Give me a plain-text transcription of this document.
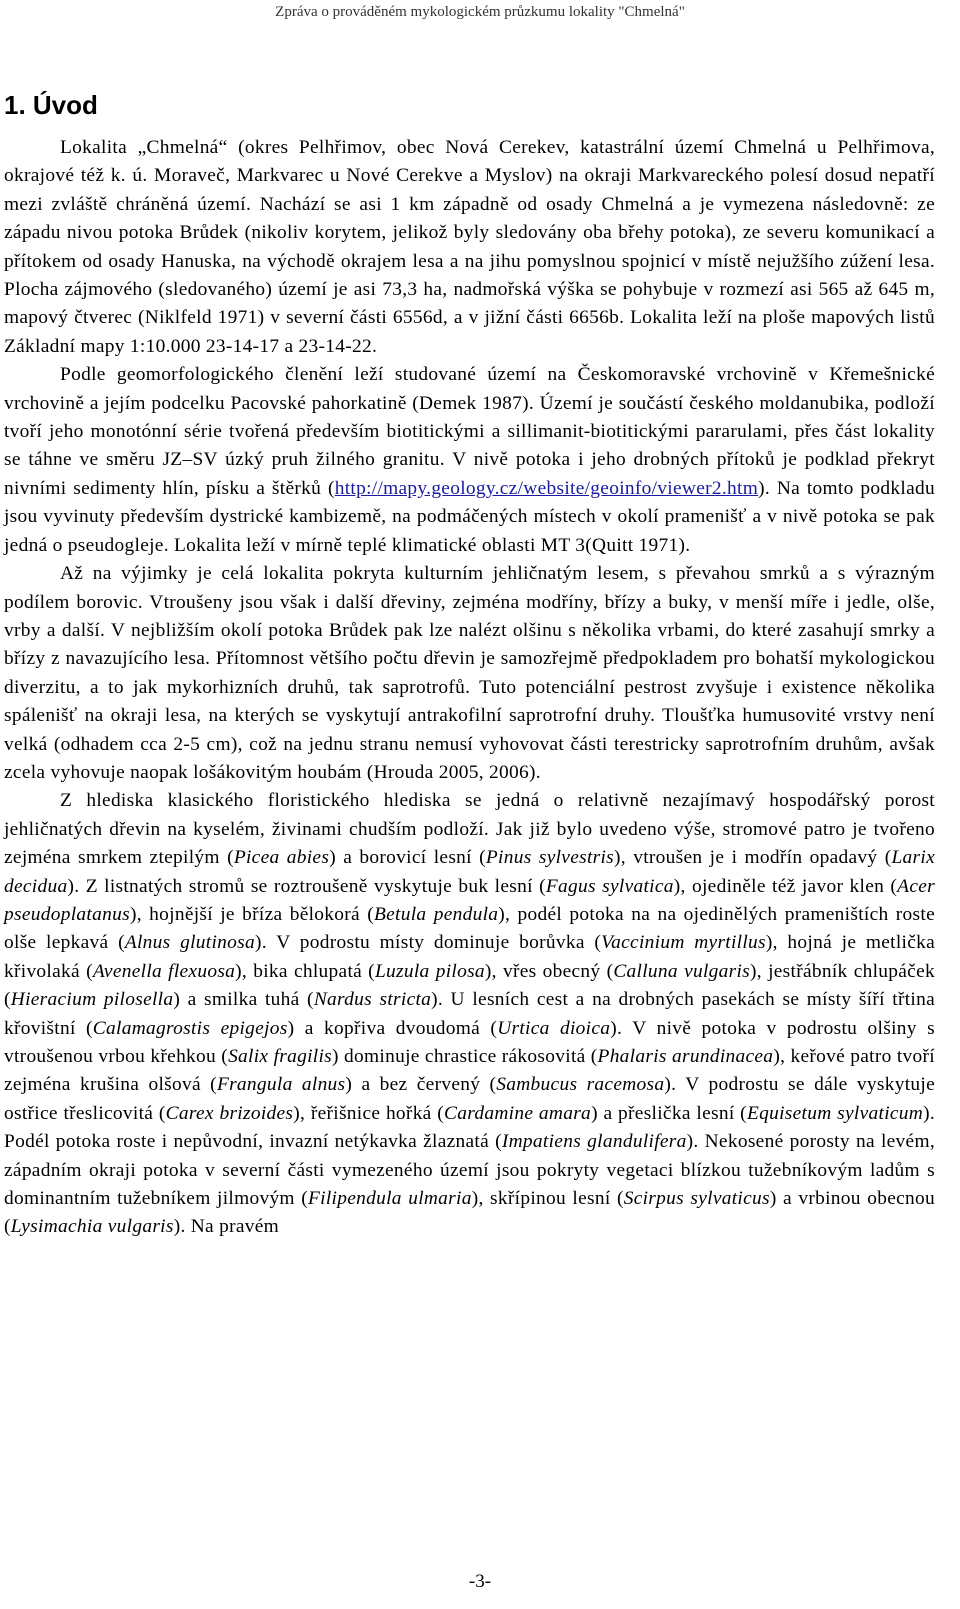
Zpráva o prováděném mykologickém průzkumu lokality "Chmelná"
1. Úvod

Lokalita „Chmelná“ (okres Pelhřimov, obec Nová Cerekev, katastrální území Chmelná u Pelhřimova, okrajové též k. ú. Moraveč, Markvarec u Nové Cerekve a Myslov) na okraji Markvareckého polesí dosud nepatří mezi zvláště chráněná území. Nachází se asi 1 km západně od osady Chmelná a je vymezena následovně: ze západu nivou potoka Brůdek (nikoliv korytem, jelikož byly sledovány oba břehy potoka), ze severu komunikací a přítokem od osady Hanuska, na východě okrajem lesa a na jihu pomyslnou spojnicí v místě nejužšího zúžení lesa. Plocha zájmového (sledovaného) území je asi 73,3 ha, nadmořská výška se pohybuje v rozmezí asi 565 až 645 m, mapový čtverec (Niklfeld 1971) v severní části 6556d, a v jižní části 6656b. Lokalita leží na ploše mapových listů Základní mapy 1:10.000 23-14-17 a 23-14-22.

Podle geomorfologického členění leží studované území na Českomoravské vrchovině v Křemešnické vrchovině a jejím podcelku Pacovské pahorkatině (Demek 1987). Území je součástí českého moldanubika, podloží tvoří jeho monotónní série tvořená především biotitickými a sillimanit-biotitickými pararulami, přes část lokality se táhne ve směru JZ–SV úzký pruh žilného granitu. V nivě potoka i jeho drobných přítoků je podklad překryt nivními sedimenty hlín, písku a štěrků (http://mapy.geology.cz/website/geoinfo/viewer2.htm). Na tomto podkladu jsou vyvinuty především dystrické kambizemě, na podmáčených místech v okolí pramenišť a v nivě potoka se pak jedná o pseudogleje. Lokalita leží v mírně teplé klimatické oblasti MT 3(Quitt 1971).

Až na výjimky je celá lokalita pokryta kulturním jehličnatým lesem, s převahou smrků a s výrazným podílem borovic. Vtroušeny jsou však i další dřeviny, zejména modříny, břízy a buky, v menší míře i jedle, olše, vrby a další. V nejbližším okolí potoka Brůdek pak lze nalézt olšinu s několika vrbami, do které zasahují smrky a břízy z navazujícího lesa. Přítomnost většího počtu dřevin je samozřejmě předpokladem pro bohatší mykologickou diverzitu, a to jak mykorhizních druhů, tak saprotrofů. Tuto potenciální pestrost zvyšuje i existence několika spálenišť na okraji lesa, na kterých se vyskytují antrakofilní saprotrofní druhy. Tloušťka humusovité vrstvy není velká (odhadem cca 2-5 cm), což na jednu stranu nemusí vyhovovat části terestricky saprotrofním druhům, avšak zcela vyhovuje naopak lošákovitým houbám (Hrouda 2005, 2006).

Z hlediska klasického floristického hlediska se jedná o relativně nezajímavý hospodářský porost jehličnatých dřevin na kyselém, živinami chudším podloží. Jak již bylo uvedeno výše, stromové patro je tvořeno zejména smrkem ztepilým (Picea abies) a borovicí lesní (Pinus sylvestris), vtroušen je i modřín opadavý (Larix decidua). Z listnatých stromů se roztroušeně vyskytuje buk lesní (Fagus sylvatica), ojediněle též javor klen (Acer pseudoplatanus), hojnější je bříza bělokorá (Betula pendula), podél potoka na na ojedinělých prameništích roste olše lepkavá (Alnus glutinosa). V podrostu místy dominuje borůvka (Vaccinium myrtillus), hojná je metlička křivolaká (Avenella flexuosa), bika chlupatá (Luzula pilosa), vřes obecný (Calluna vulgaris), jestřábník chlupáček (Hieracium pilosella) a smilka tuhá (Nardus stricta). U lesních cest a na drobných pasekách se místy šíří třtina křovištní (Calamagrostis epigejos) a kopřiva dvoudomá (Urtica dioica). V nivě potoka v podrostu olšiny s vtroušenou vrbou křehkou (Salix fragilis) dominuje chrastice rákosovitá (Phalaris arundinacea), keřové patro tvoří zejména krušina olšová (Frangula alnus) a bez červený (Sambucus racemosa). V podrostu se dále vyskytuje ostřice třeslicovitá (Carex brizoides), řeřišnice hořká (Cardamine amara) a přeslička lesní (Equisetum sylvaticum). Podél potoka roste i nepůvodní, invazní netýkavka žlaznatá (Impatiens glandulifera). Nekosené porosty na levém, západním okraji potoka v severní části vymezeného území jsou pokryty vegetaci blízkou tužebníkovým ladům s dominantním tužebníkem jilmovým (Filipendula ulmaria), skřípinou lesní (Scirpus sylvaticus) a vrbinou obecnou (Lysimachia vulgaris). Na pravém

-3-
